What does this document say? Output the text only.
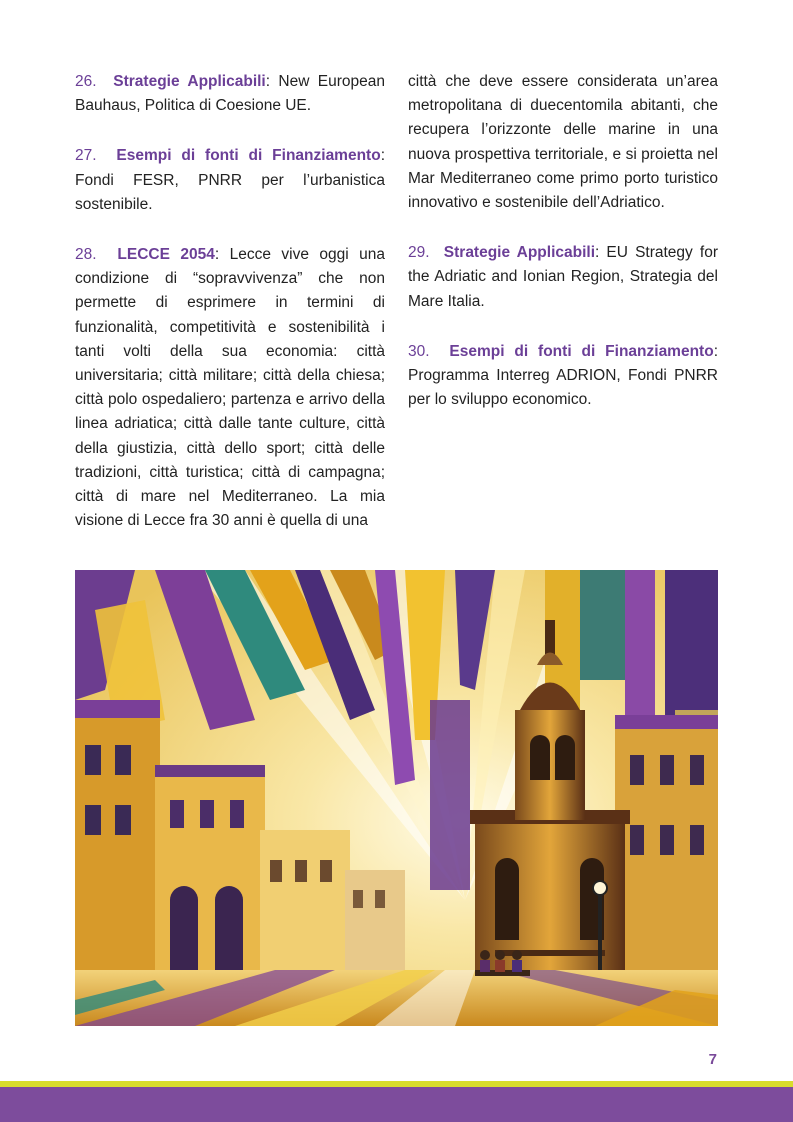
26. Strategie Applicabili: New European Bauhaus, Politica di Coesione UE.

27. Esempi di fonti di Finanziamento: Fondi FESR, PNRR per l’urbanistica sostenibile.

28. LECCE 2054: Lecce vive oggi una condizione di “sopravvivenza” che non permette di esprimere in termini di funzionalità, competitività e sostenibilità i tanti volti della sua economia: città universitaria; città militare; città della chiesa; città polo ospedaliero; partenza e arrivo della linea adriatica; città dalle tante culture, città della giustizia, città dello sport; città delle tradizioni, città turistica; città di campagna; città di mare nel Mediterraneo. La mia visione di Lecce fra 30 anni è quella di una

città che deve essere considerata un’area metropolitana di duecentomila abitanti, che recupera l’orizzonte delle marine in una nuova prospettiva territoriale, e si proietta nel Mar Mediterraneo come primo porto turistico innovativo e sostenibile dell’Adriatico.

29. Strategie Applicabili: EU Strategy for the Adriatic and Ionian Region, Strategia del Mare Italia.

30. Esempi di fonti di Finanziamento: Programma Interreg ADRION, Fondi PNRR per lo sviluppo economico.

7
